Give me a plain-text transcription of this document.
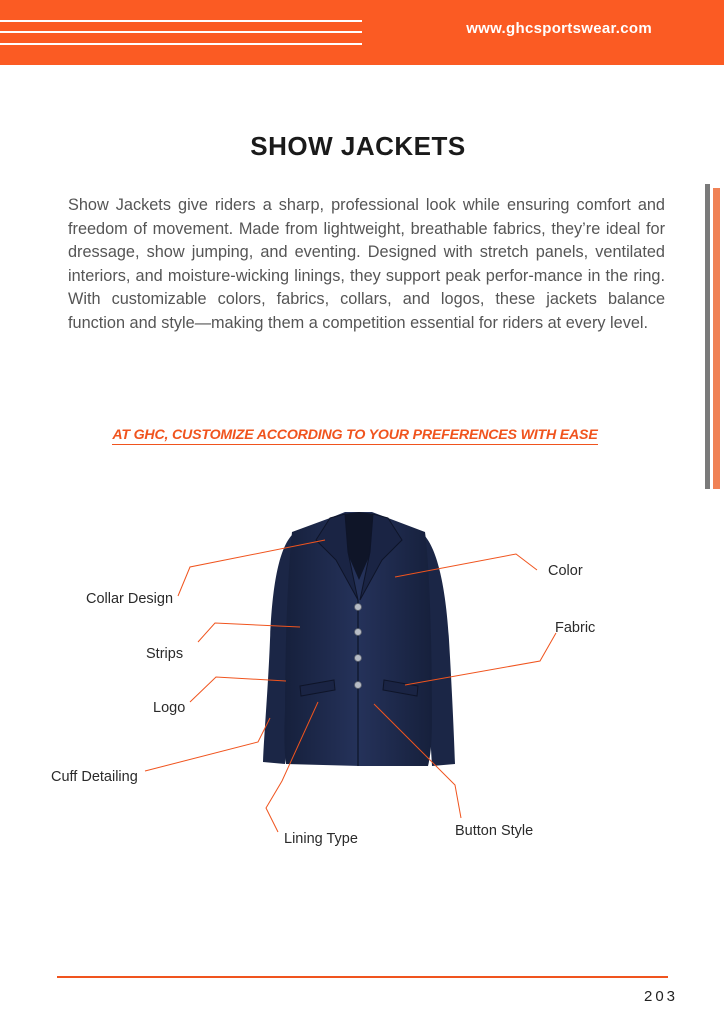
www.ghcsportswear.com
SHOW JACKETS

Show Jackets give riders a sharp, professional look while ensuring comfort and freedom of movement. Made from lightweight, breathable fabrics, they’re ideal for dressage, show jumping, and eventing. Designed with stretch panels, ventilated interiors, and moisture-wicking linings, they support peak perfor-mance in the ring. With customizable colors, fabrics, collars, and logos, these jackets balance function and style—making them a competition essential for riders at every level.

AT GHC, CUSTOMIZE ACCORDING TO YOUR PREFERENCES WITH EASE
Collar Design
Strips
Logo
Cuff Detailing
Lining Type	Button Style
Fabric
Color
203
